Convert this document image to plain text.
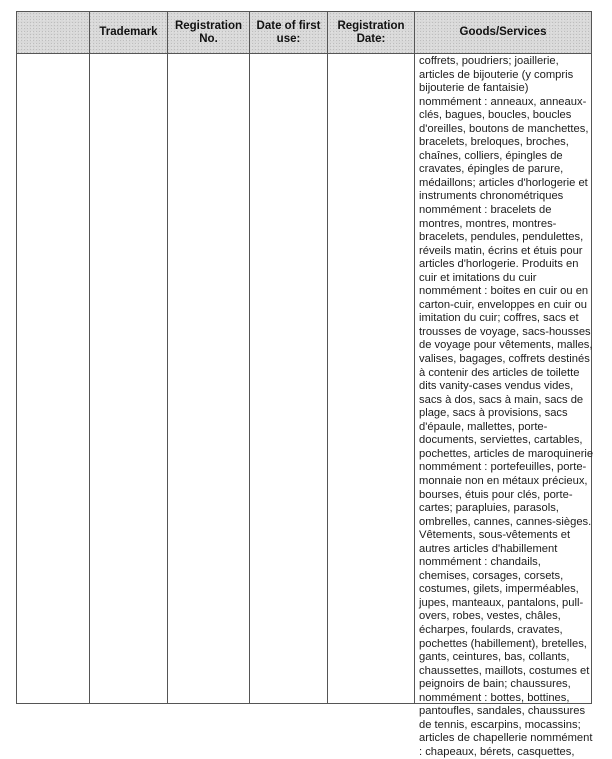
Trademark
Registration
No.
Date of first
use:
Registration
Date:
Goods/Services
coffrets, poudriers; joaillerie,
articles de bijouterie (y compris
bijouterie de fantaisie)
nommément : anneaux, anneaux-
clés, bagues, boucles, boucles
d'oreilles, boutons de manchettes,
bracelets, breloques, broches,
chaînes, colliers, épingles de
cravates, épingles de parure,
médaillons; articles d'horlogerie et
instruments chronométriques
nommément : bracelets de
montres, montres, montres-
bracelets, pendules, pendulettes,
réveils matin, écrins et étuis pour
articles d'horlogerie. Produits en
cuir et imitations du cuir
nommément : boites en cuir ou en
carton-cuir, enveloppes en cuir ou
imitation du cuir; coffres, sacs et
trousses de voyage, sacs-housses
de voyage pour vêtements, malles,
valises, bagages, coffrets destinés
à contenir des articles de toilette
dits vanity-cases vendus vides,
sacs à dos, sacs à main, sacs de
plage, sacs à provisions, sacs
d'épaule, mallettes, porte-
documents, serviettes, cartables,
pochettes, articles de maroquinerie
nommément : portefeuilles, porte-
monnaie non en métaux précieux,
bourses, étuis pour clés, porte-
cartes; parapluies, parasols,
ombrelles, cannes, cannes-sièges.
Vêtements, sous-vêtements et
autres articles d'habillement
nommément : chandails,
chemises, corsages, corsets,
costumes, gilets, imperméables,
jupes, manteaux, pantalons, pull-
overs, robes, vestes, châles,
écharpes, foulards, cravates,
pochettes (habillement), bretelles,
gants, ceintures, bas, collants,
chaussettes, maillots, costumes et
peignoirs de bain; chaussures,
nommément : bottes, bottines,
pantoufles, sandales, chaussures
de tennis, escarpins, mocassins;
articles de chapellerie nommément
: chapeaux, bérets, casquettes,
